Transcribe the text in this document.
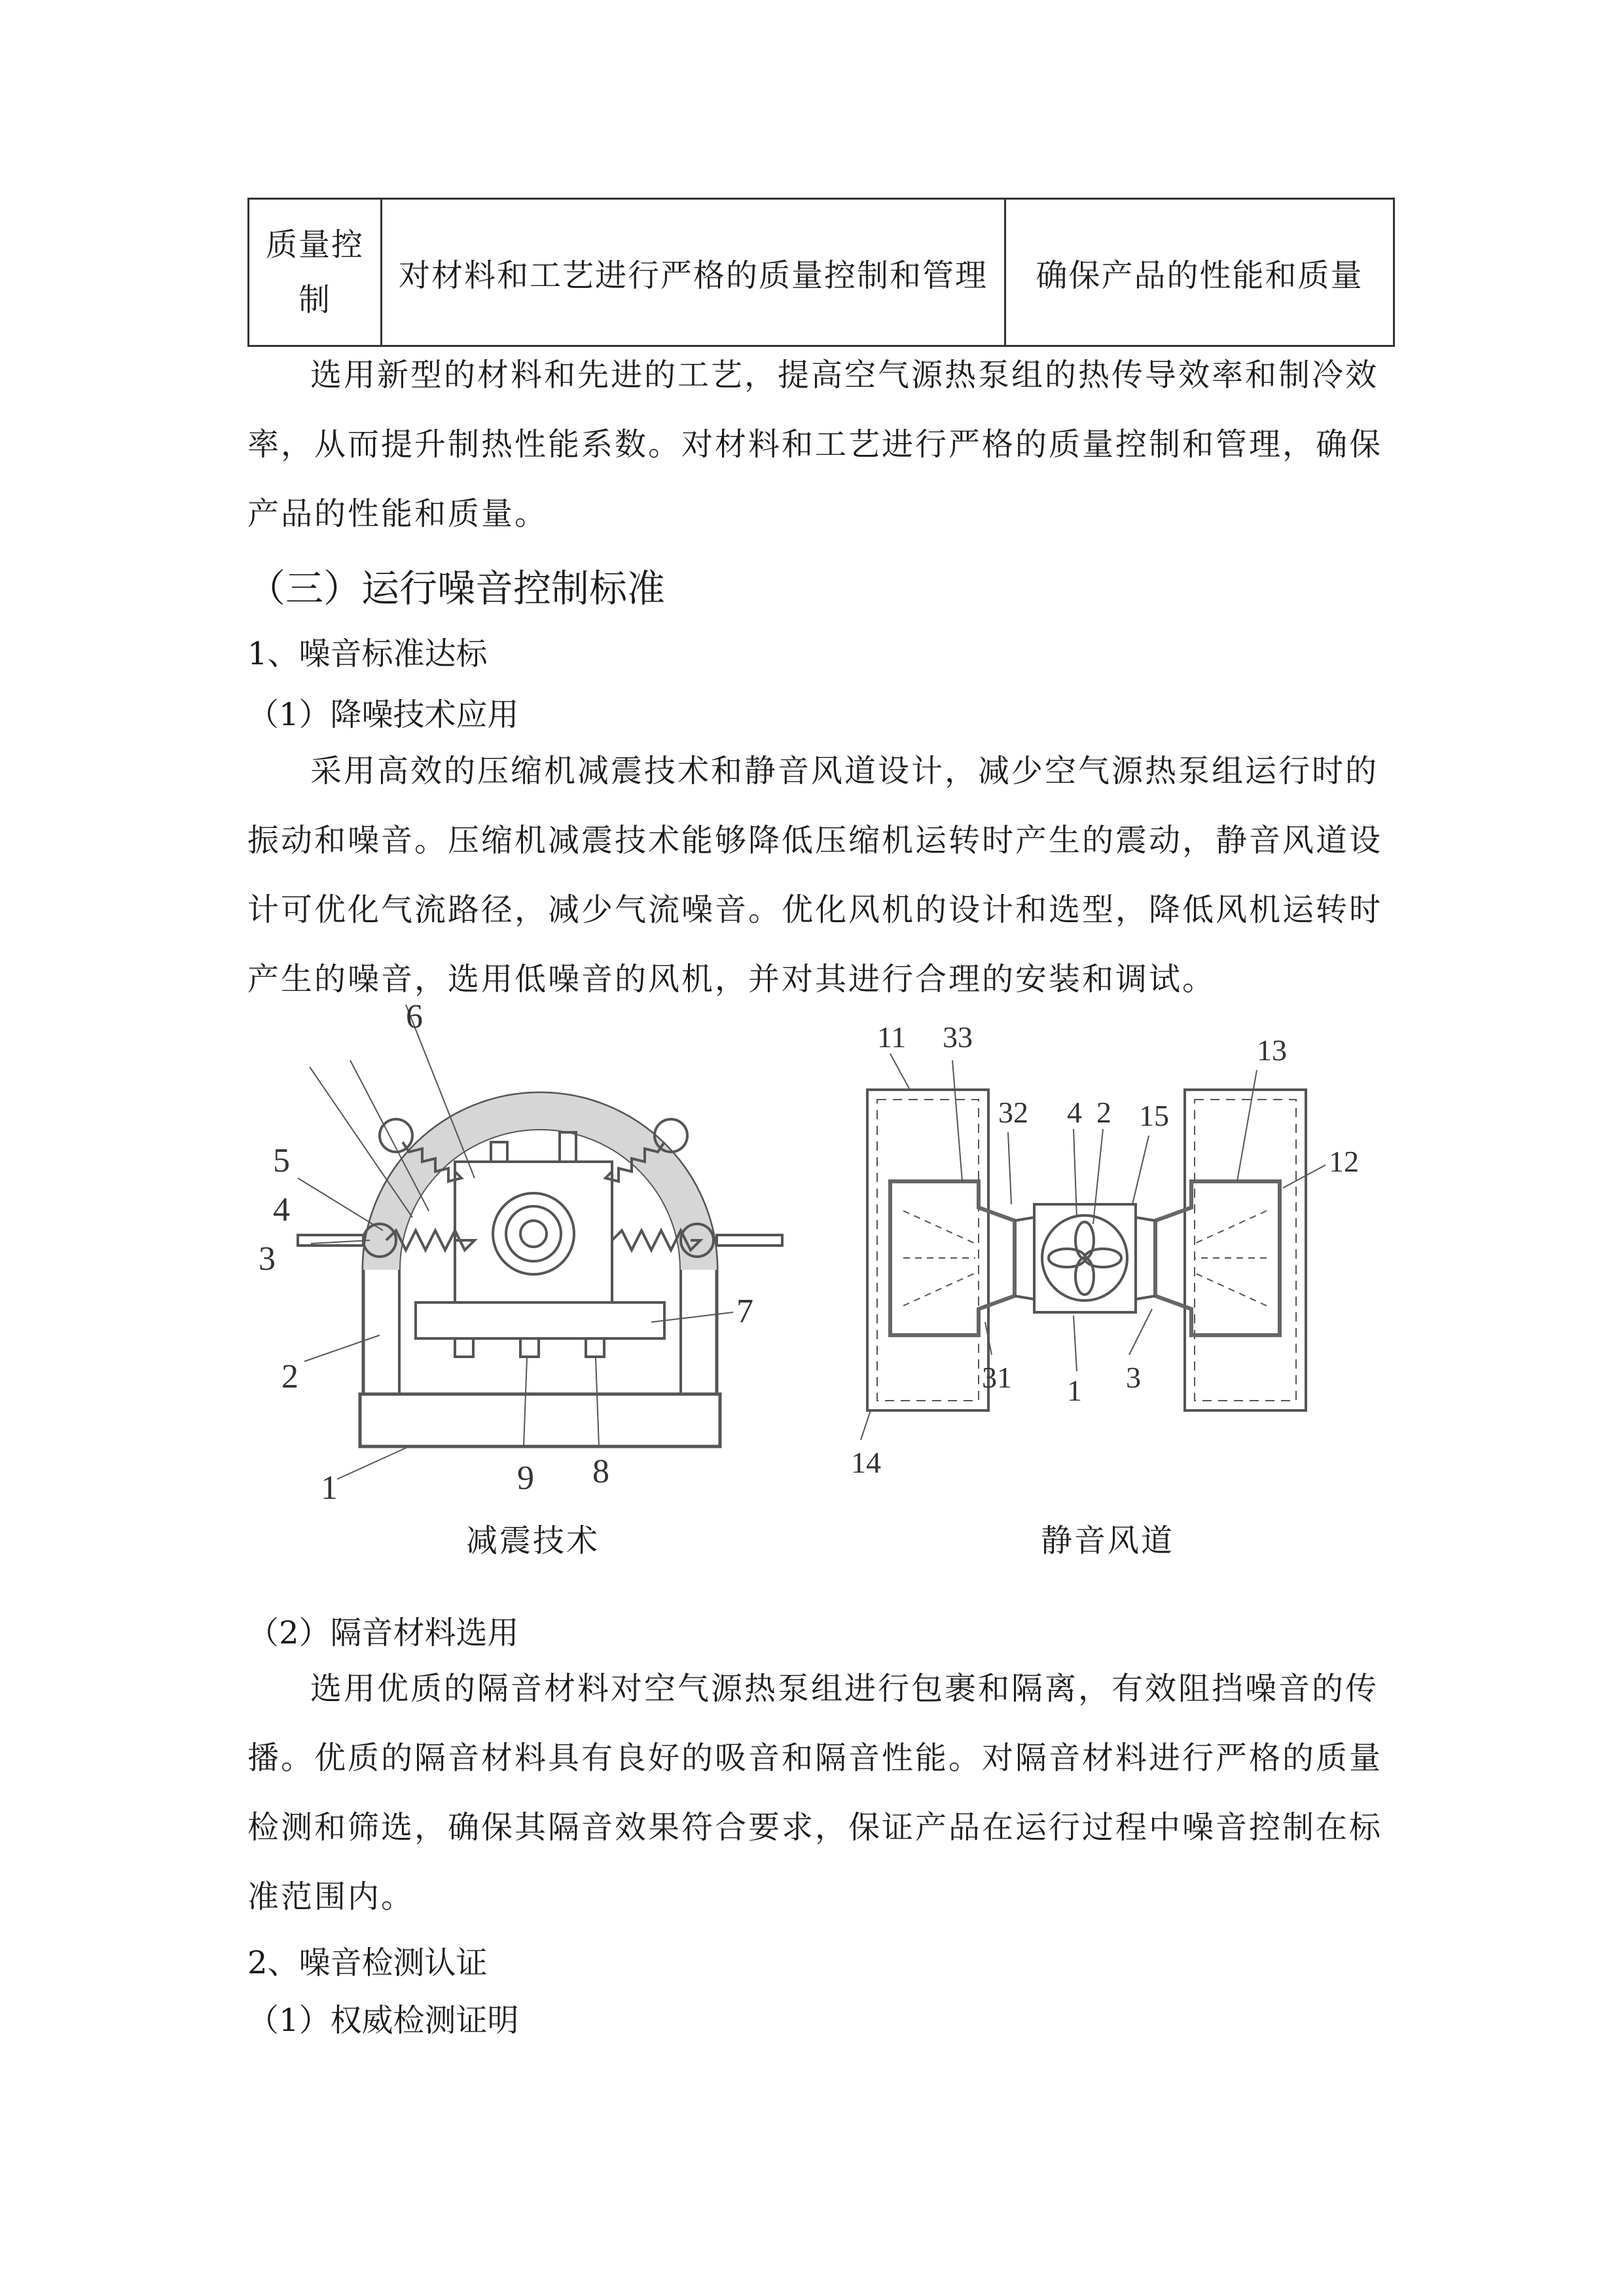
质量控制	对材料和工艺进行严格的质量控制和管理	确保产品的性能和质量

选用新型的材料和先进的工艺，提高空气源热泵组的热传导效率和制冷效

率，从而提升制热性能系数。对材料和工艺进行严格的质量控制和管理，确保

产品的性能和质量。

（三）运行噪音控制标准
1、噪音标准达标
（1）降噪技术应用

采用高效的压缩机减震技术和静音风道设计，减少空气源热泵组运行时的

振动和噪音。压缩机减震技术能够降低压缩机运转时产生的震动，静音风道设

计可优化气流路径，减少气流噪音。优化风机的设计和选型，降低风机运转时

产生的噪音，选用低噪音的风机，并对其进行合理的安装和调试。

5
4
3
2
1
6
7
8
9
11 33
32 4 2 15
13
12
31 1 3
14
减震技术	静音风道
（2）隔音材料选用

选用优质的隔音材料对空气源热泵组进行包裹和隔离，有效阻挡噪音的传

播。优质的隔音材料具有良好的吸音和隔音性能。对隔音材料进行严格的质量

检测和筛选，确保其隔音效果符合要求，保证产品在运行过程中噪音控制在标

准范围内。

2、噪音检测认证
（1）权威检测证明
